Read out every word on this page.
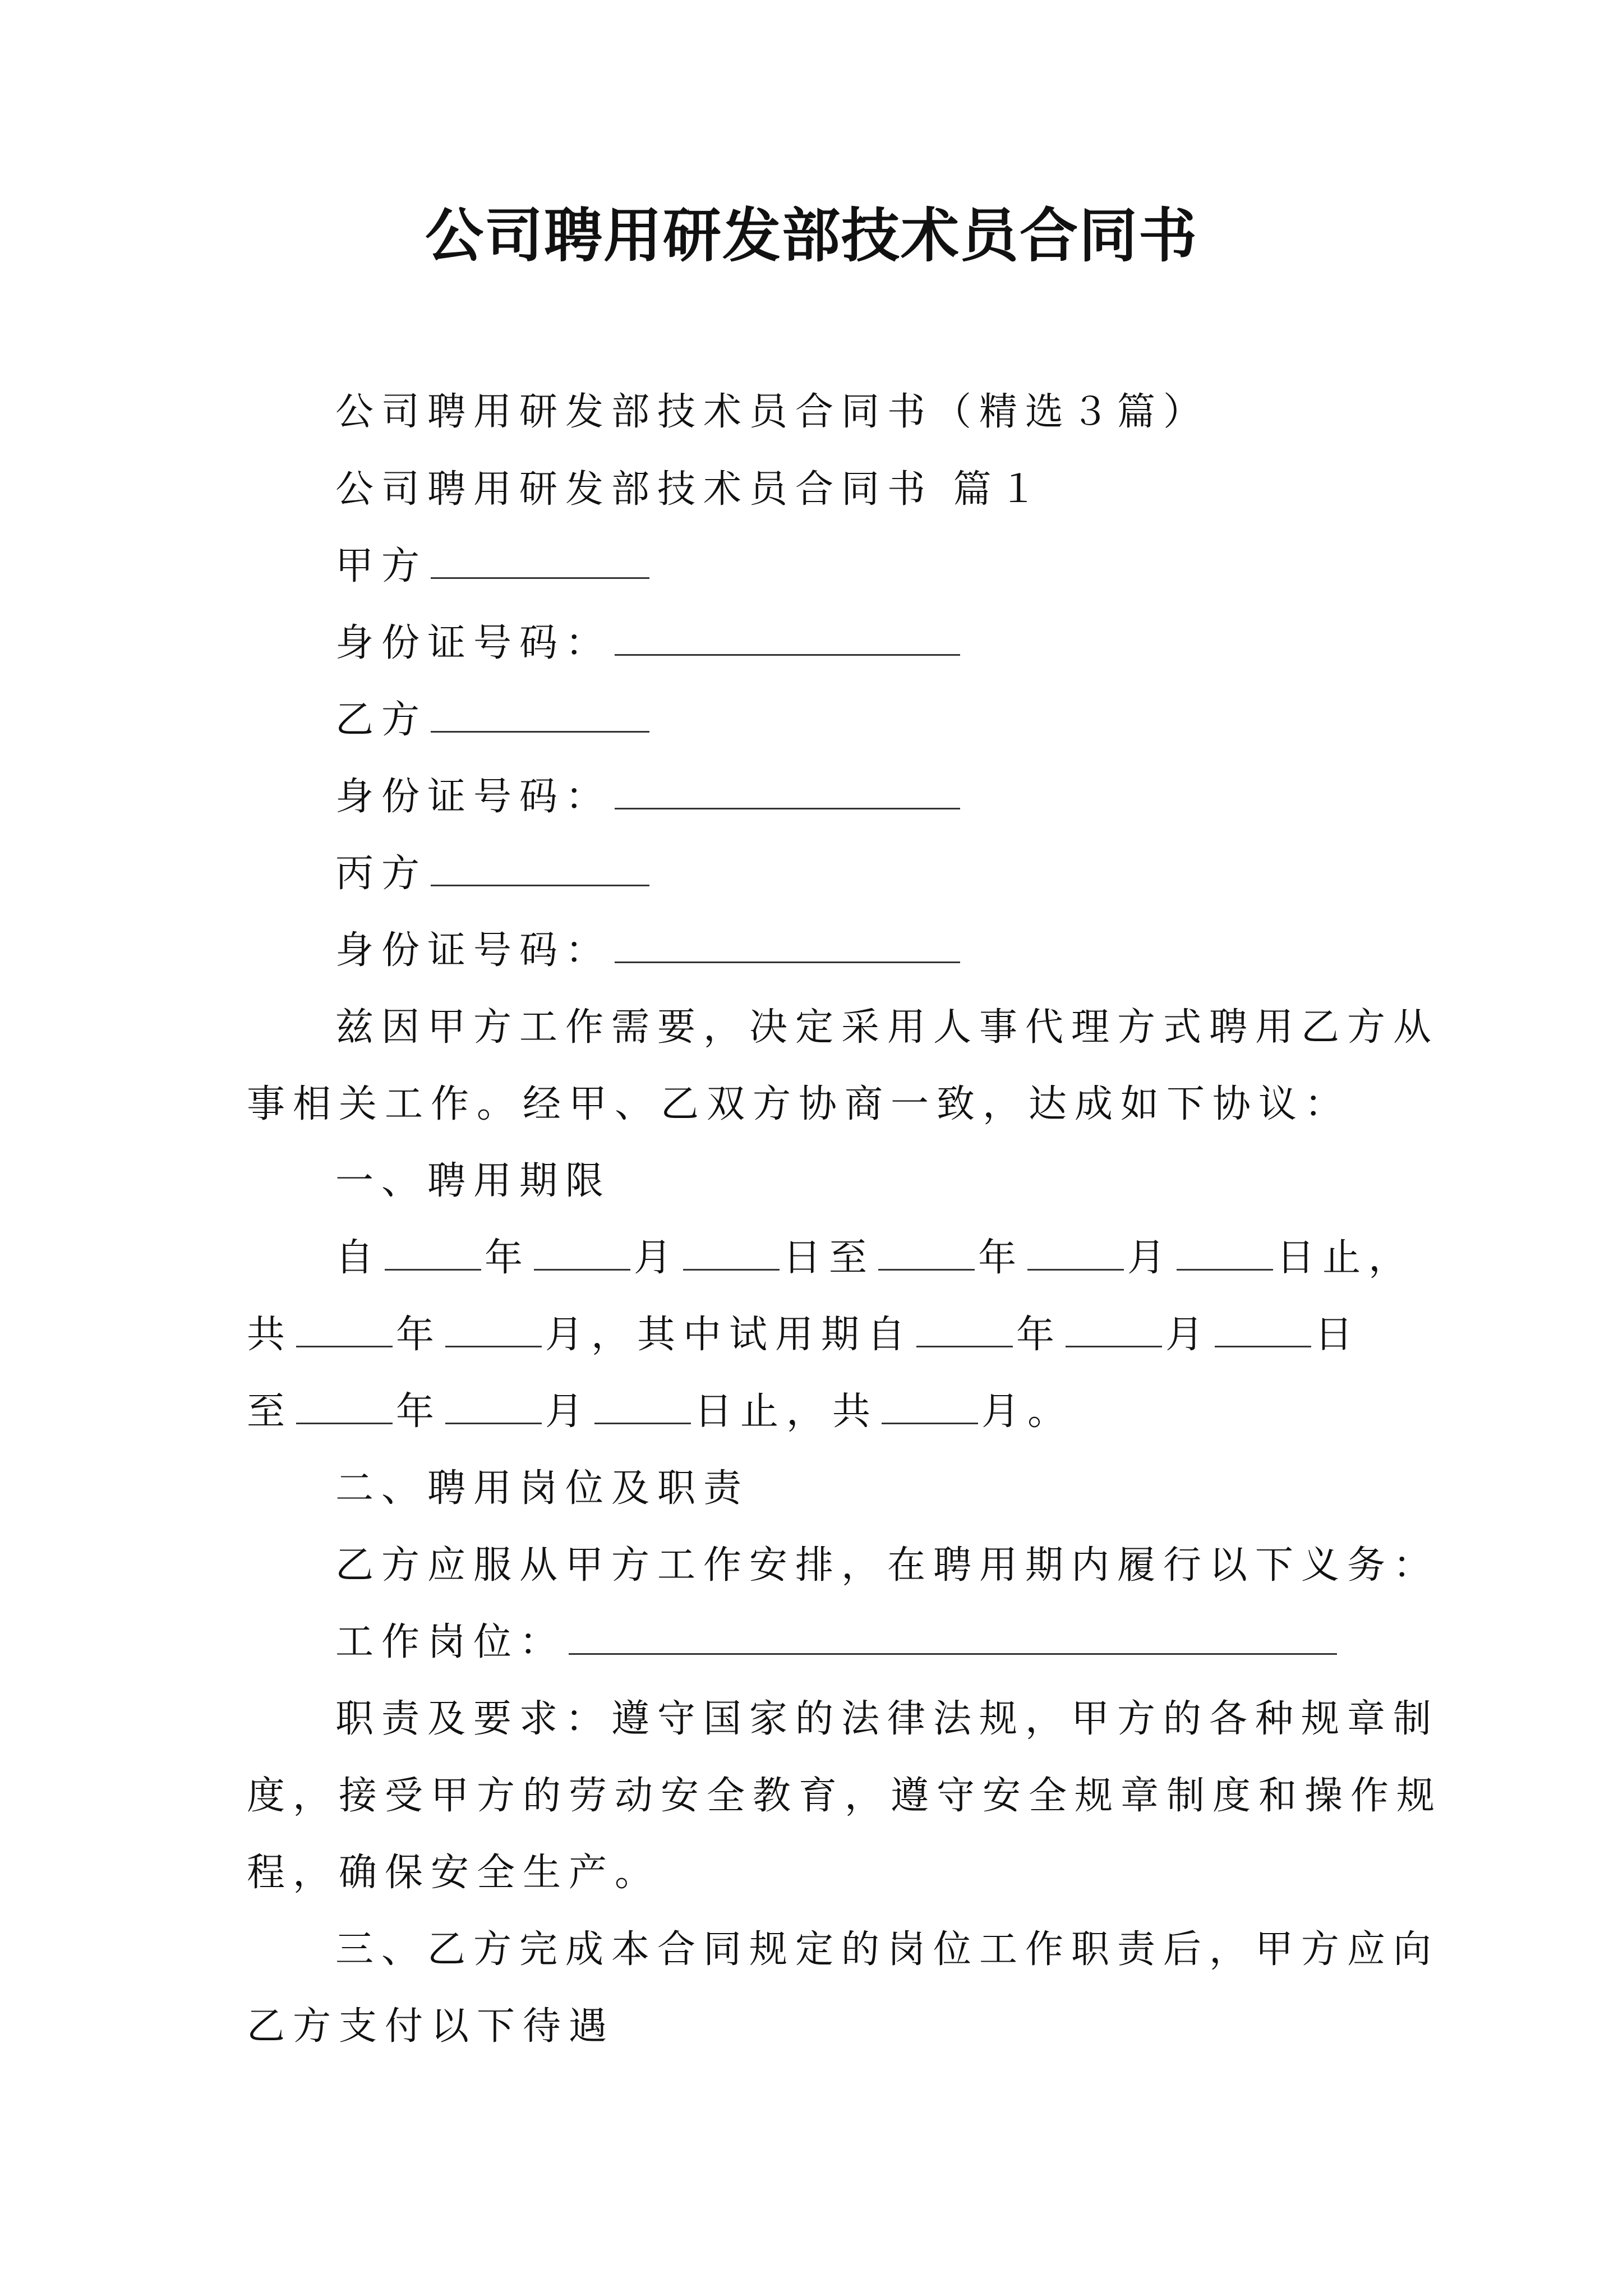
公司聘用研发部技术员合同书
公司聘用研发部技术员合同书（精选３篇）
公司聘用研发部技术员合同书 篇１
甲方
身份证号码：
乙方
身份证号码：
丙方
身份证号码：
兹因甲方工作需要，决定采用人事代理方式聘用乙方从
事相关工作。经甲、乙双方协商一致，达成如下协议：
一、聘用期限
自	年	月	日至	年	月	日止，
共	年	月，其中试用期自	年	月	日
至	年	月	日止，共	月。
二、聘用岗位及职责
乙方应服从甲方工作安排，在聘用期内履行以下义务：
工作岗位：
职责及要求：遵守国家的法律法规，甲方的各种规章制
度，接受甲方的劳动安全教育，遵守安全规章制度和操作规
程，确保安全生产。
三、乙方完成本合同规定的岗位工作职责后，甲方应向
乙方支付以下待遇
